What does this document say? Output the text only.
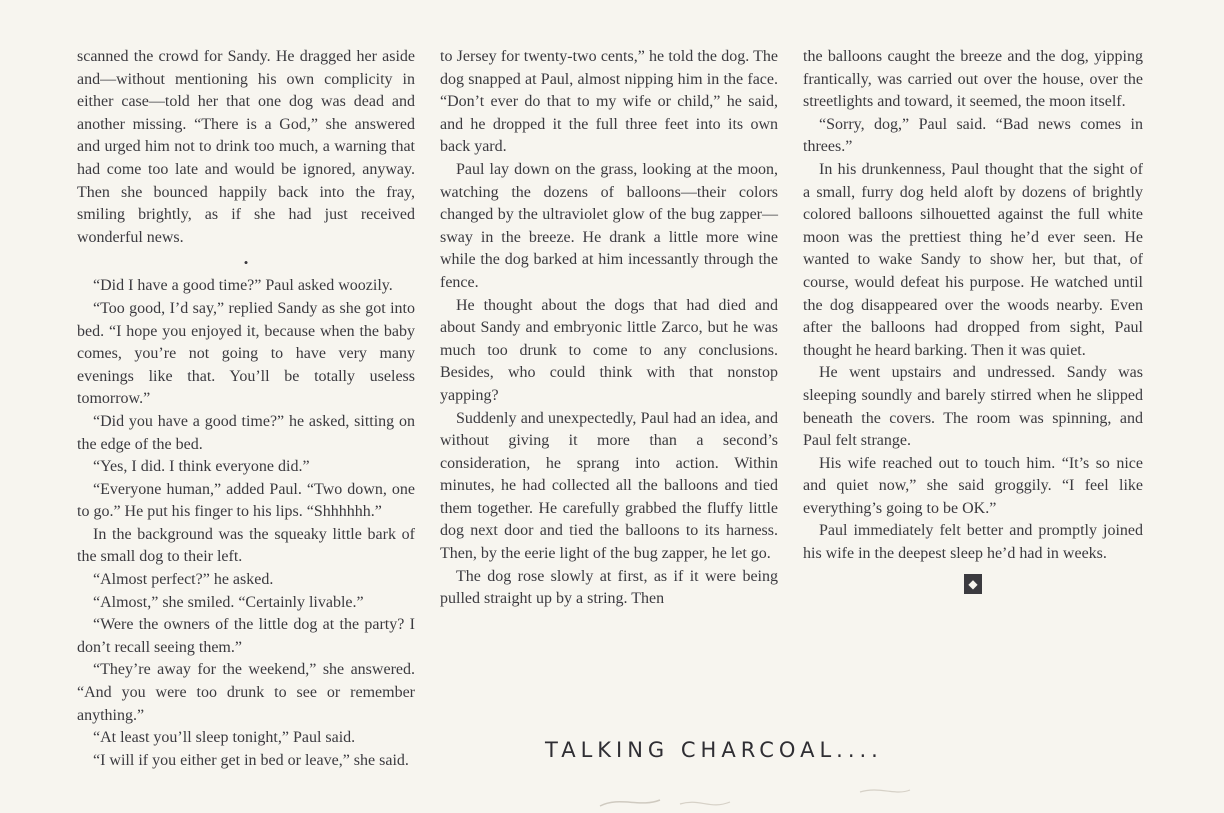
scanned the crowd for Sandy. He dragged her aside and—without mentioning his own complicity in either case—told her that one dog was dead and another missing. “There is a God,” she answered and urged him not to drink too much, a warning that had come too late and would be ignored, anyway. Then she bounced happily back into the fray, smiling brightly, as if she had just received wonderful news.

•

“Did I have a good time?” Paul asked woozily.

“Too good, I’d say,” replied Sandy as she got into bed. “I hope you enjoyed it, because when the baby comes, you’re not going to have very many evenings like that. You’ll be totally useless tomorrow.”

“Did you have a good time?” he asked, sitting on the edge of the bed.

“Yes, I did. I think everyone did.”

“Everyone human,” added Paul. “Two down, one to go.” He put his finger to his lips. “Shhhhhh.”

In the background was the squeaky little bark of the small dog to their left.

“Almost perfect?” he asked.

“Almost,” she smiled. “Certainly livable.”

“Were the owners of the little dog at the party? I don’t recall seeing them.”

“They’re away for the weekend,” she answered. “And you were too drunk to see or remember anything.”

“At least you’ll sleep tonight,” Paul said.

“I will if you either get in bed or leave,” she said.

to Jersey for twenty-two cents,” he told the dog. The dog snapped at Paul, almost nipping him in the face. “Don’t ever do that to my wife or child,” he said, and he dropped it the full three feet into its own back yard.

Paul lay down on the grass, looking at the moon, watching the dozens of balloons—their colors changed by the ultraviolet glow of the bug zapper—sway in the breeze. He drank a little more wine while the dog barked at him incessantly through the fence.

He thought about the dogs that had died and about Sandy and embryonic little Zarco, but he was much too drunk to come to any conclusions. Besides, who could think with that nonstop yapping?

Suddenly and unexpectedly, Paul had an idea, and without giving it more than a second’s consideration, he sprang into action. Within minutes, he had collected all the balloons and tied them together. He carefully grabbed the fluffy little dog next door and tied the balloons to its harness. Then, by the eerie light of the bug zapper, he let go.

The dog rose slowly at first, as if it were being pulled straight up by a string. Then

the balloons caught the breeze and the dog, yipping frantically, was carried out over the house, over the streetlights and toward, it seemed, the moon itself.

“Sorry, dog,” Paul said. “Bad news comes in threes.”

In his drunkenness, Paul thought that the sight of a small, furry dog held aloft by dozens of brightly colored balloons silhouetted against the full white moon was the prettiest thing he’d ever seen. He wanted to wake Sandy to show her, but that, of course, would defeat his purpose. He watched until the dog disappeared over the woods nearby. Even after the balloons had dropped from sight, Paul thought he heard barking. Then it was quiet.

He went upstairs and undressed. Sandy was sleeping soundly and barely stirred when he slipped beneath the covers. The room was spinning, and Paul felt strange.

His wife reached out to touch him. “It’s so nice and quiet now,” she said groggily. “I feel like everything’s going to be OK.”

Paul immediately felt better and promptly joined his wife in the deepest sleep he’d had in weeks.

◆
TALKING CHARCOAL....
